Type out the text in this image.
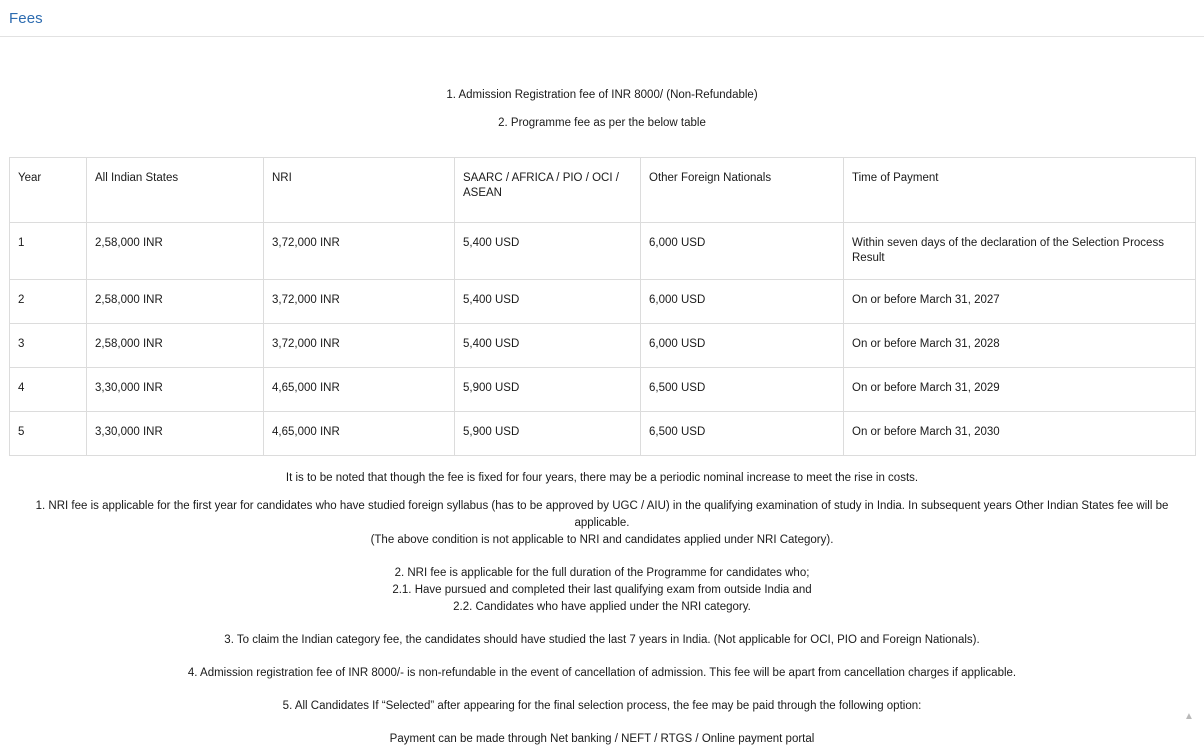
Fees
1. Admission Registration fee of INR 8000/ (Non-Refundable)
2. Programme fee as per the below table
Year	All Indian States	NRI	SAARC / AFRICA / PIO / OCI / ASEAN	Other Foreign Nationals	Time of Payment
1	2,58,000 INR	3,72,000 INR	5,400 USD	6,000 USD	Within seven days of the declaration of the Selection Process Result
2	2,58,000 INR	3,72,000 INR	5,400 USD	6,000 USD	On or before March 31, 2027
3	2,58,000 INR	3,72,000 INR	5,400 USD	6,000 USD	On or before March 31, 2028
4	3,30,000 INR	4,65,000 INR	5,900 USD	6,500 USD	On or before March 31, 2029
5	3,30,000 INR	4,65,000 INR	5,900 USD	6,500 USD	On or before March 31, 2030

It is to be noted that though the fee is fixed for four years, there may be a periodic nominal increase to meet the rise in costs.

1. NRI fee is applicable for the first year for candidates who have studied foreign syllabus (has to be approved by UGC / AIU) in the qualifying examination of study in India. In subsequent years Other Indian States fee will be applicable.
(The above condition is not applicable to NRI and candidates applied under NRI Category).

2. NRI fee is applicable for the full duration of the Programme for candidates who;
2.1. Have pursued and completed their last qualifying exam from outside India and
2.2. Candidates who have applied under the NRI category.

3. To claim the Indian category fee, the candidates should have studied the last 7 years in India. (Not applicable for OCI, PIO and Foreign Nationals).

4. Admission registration fee of INR 8000/- is non-refundable in the event of cancellation of admission. This fee will be apart from cancellation charges if applicable.

5. All Candidates If “Selected” after appearing for the final selection process, the fee may be paid through the following option:

Payment can be made through Net banking / NEFT / RTGS / Online payment portal

▲
